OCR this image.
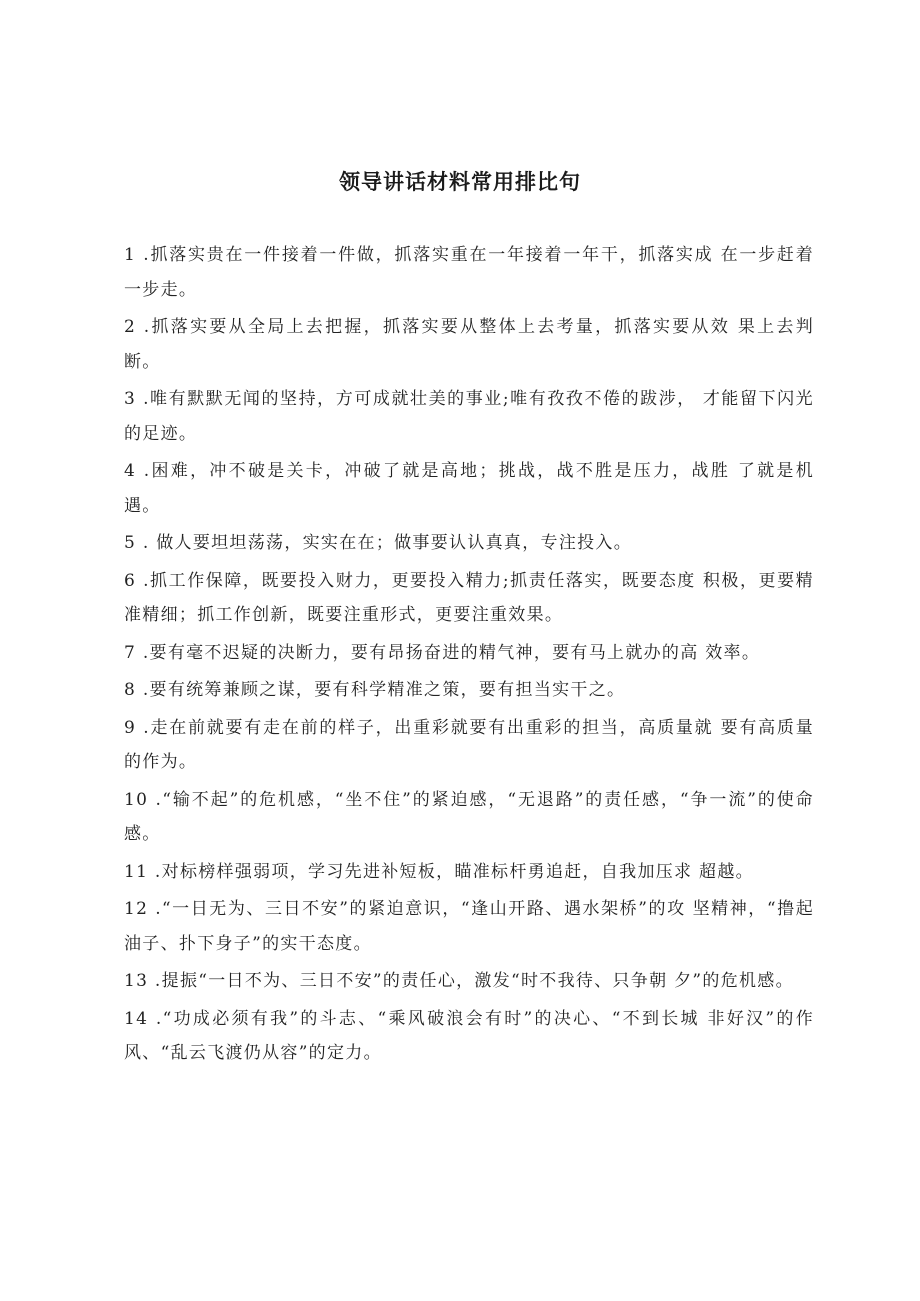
领导讲话材料常用排比句
1 .抓落实贵在一件接着一件做，抓落实重在一年接着一年干，抓落实成 在一步赶着一步走。
2 .抓落实要从全局上去把握，抓落实要从整体上去考量，抓落实要从效 果上去判断。
3 .唯有默默无闻的坚持，方可成就壮美的事业;唯有孜孜不倦的跋涉， 才能留下闪光的足迹。
4 .困难，冲不破是关卡，冲破了就是高地；挑战，战不胜是压力，战胜 了就是机遇。
5 . 做人要坦坦荡荡，实实在在；做事要认认真真，专注投入。
6 .抓工作保障，既要投入财力，更要投入精力;抓责任落实，既要态度 积极，更要精准精细；抓工作创新，既要注重形式，更要注重效果。
7 .要有毫不迟疑的决断力，要有昂扬奋进的精气神，要有马上就办的高 效率。
8 .要有统筹兼顾之谋，要有科学精准之策，要有担当实干之。
9 .走在前就要有走在前的样子，出重彩就要有出重彩的担当，高质量就 要有高质量的作为。
10 .“输不起”的危机感，“坐不住”的紧迫感，“无退路”的责任感，“争一流”的使命感。
11 .对标榜样强弱项，学习先进补短板，瞄准标杆勇追赶，自我加压求 超越。
12 .“一日无为、三日不安”的紧迫意识，“逢山开路、遇水架桥”的攻 坚精神，“撸起油子、扑下身子”的实干态度。
13 .提振“一日不为、三日不安”的责任心，激发“时不我待、只争朝 夕”的危机感。
14 .“功成必须有我”的斗志、“乘风破浪会有时”的决心、“不到长城 非好汉”的作风、“乱云飞渡仍从容”的定力。
